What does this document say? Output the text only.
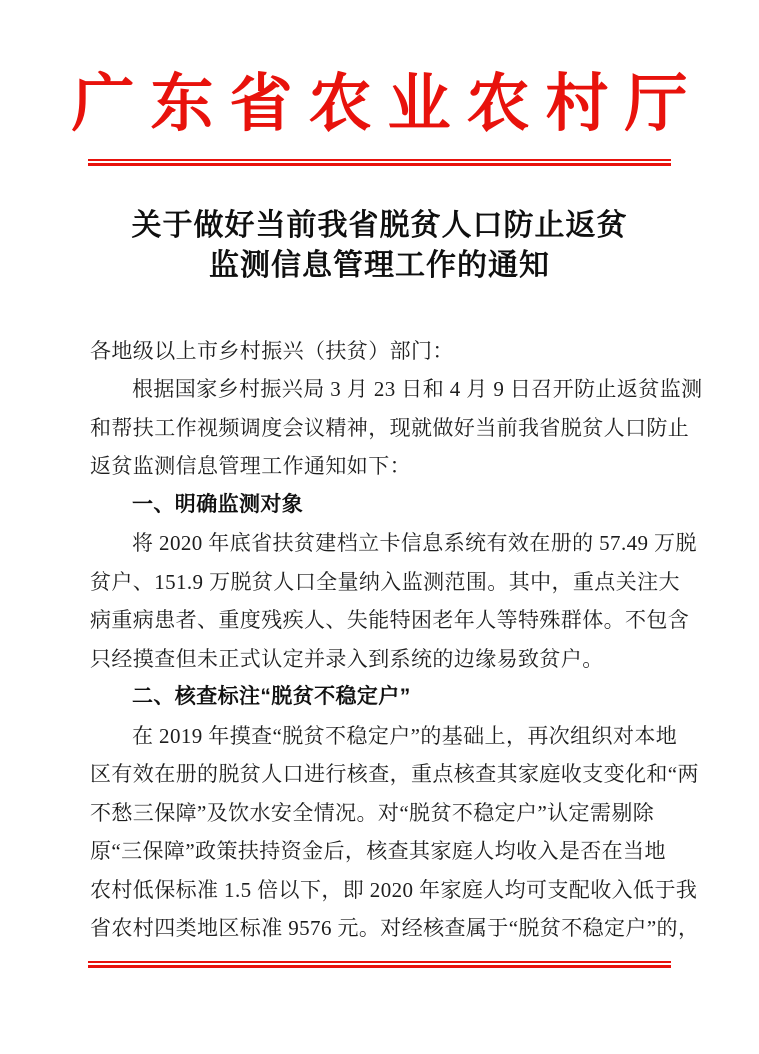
广东省农业农村厅
关于做好当前我省脱贫人口防止返贫
监测信息管理工作的通知
各地级以上市乡村振兴（扶贫）部门：
根据国家乡村振兴局 3 月 23 日和 4 月 9 日召开防止返贫监测
和帮扶工作视频调度会议精神，现就做好当前我省脱贫人口防止
返贫监测信息管理工作通知如下：
一、明确监测对象
将 2020 年底省扶贫建档立卡信息系统有效在册的 57.49 万脱
贫户、151.9 万脱贫人口全量纳入监测范围。其中，重点关注大
病重病患者、重度残疾人、失能特困老年人等特殊群体。不包含
只经摸查但未正式认定并录入到系统的边缘易致贫户。
二、核查标注“脱贫不稳定户”
在 2019 年摸查“脱贫不稳定户”的基础上，再次组织对本地
区有效在册的脱贫人口进行核查，重点核查其家庭收支变化和“两
不愁三保障”及饮水安全情况。对“脱贫不稳定户”认定需剔除
原“三保障”政策扶持资金后，核查其家庭人均收入是否在当地
农村低保标准 1.5 倍以下，即 2020 年家庭人均可支配收入低于我
省农村四类地区标准 9576 元。对经核查属于“脱贫不稳定户”的，
